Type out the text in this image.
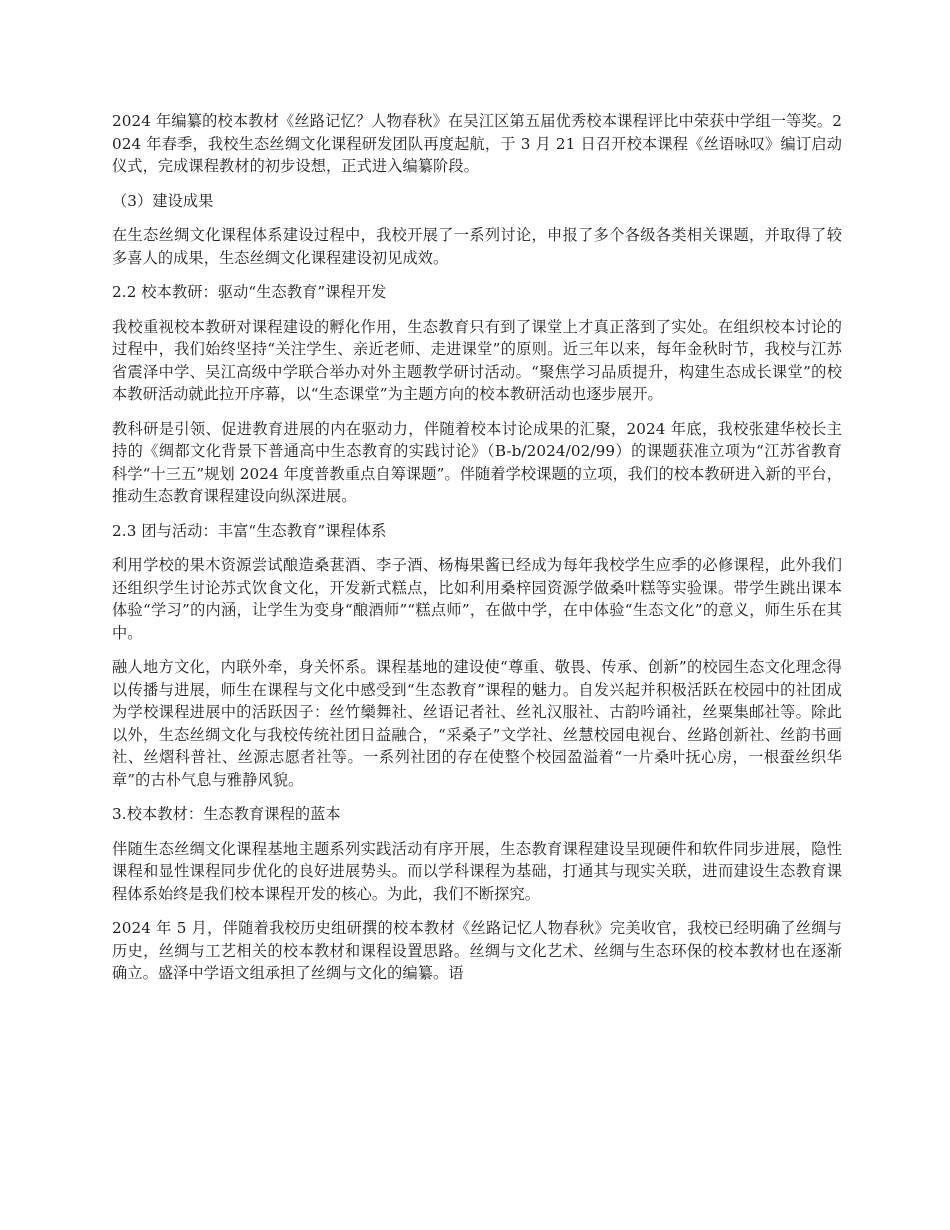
2024 年编纂的校本教材《丝路记忆？人物春秋》在吴江区第五届优秀校本课程评比中荣获中学组一等奖。2024 年春季，我校生态丝绸文化课程研发团队再度起航，于 3 月 21 日召开校本课程《丝语咏叹》编订启动仪式，完成课程教材的初步设想，正式进入编纂阶段。

（3）建设成果

在生态丝绸文化课程体系建设过程中，我校开展了一系列讨论，申报了多个各级各类相关课题，并取得了较多喜人的成果，生态丝绸文化课程建设初见成效。

2.2 校本教研：驱动“生态教育”课程开发

我校重视校本教研对课程建设的孵化作用，生态教育只有到了课堂上才真正落到了实处。在组织校本讨论的过程中，我们始终坚持“关注学生、亲近老师、走进课堂”的原则。近三年以来，每年金秋时节，我校与江苏省震泽中学、吴江高级中学联合举办对外主题教学研讨活动。“聚焦学习品质提升，构建生态成长课堂”的校本教研活动就此拉开序幕，以“生态课堂”为主题方向的校本教研活动也逐步展开。

教科研是引领、促进教育进展的内在驱动力，伴随着校本讨论成果的汇聚，2024 年底，我校张建华校长主持的《绸都文化背景下普通高中生态教育的实践讨论》（B-b/2024/02/99）的课题获准立项为“江苏省教育科学“十三五”规划 2024 年度普教重点自筹课题”。伴随着学校课题的立项，我们的校本教研进入新的平台，推动生态教育课程建设向纵深进展。

2.3 团与活动：丰富“生态教育”课程体系

利用学校的果木资源尝试酿造桑葚酒、李子酒、杨梅果酱已经成为每年我校学生应季的必修课程，此外我们还组织学生讨论苏式饮食文化，开发新式糕点，比如利用桑梓园资源学做桑叶糕等实验课。带学生跳出课本体验“学习”的内涵，让学生为变身“酿酒师”“糕点师”，在做中学，在中体验“生态文化”的意义，师生乐在其中。

融人地方文化，内联外牵，身关怀系。课程基地的建设使“尊重、敬畏、传承、创新”的校园生态文化理念得以传播与进展，师生在课程与文化中感受到“生态教育”课程的魅力。自发兴起并积极活跃在校园中的社团成为学校课程进展中的活跃因子：丝竹欒舞社、丝语记者社、丝礼汉服社、古韵吟诵社，丝粟集邮社等。除此以外，生态丝绸文化与我校传统社团日益融合，“采桑子”文学社、丝慧校园电视台、丝路创新社、丝韵书画社、丝熠科普社、丝源志愿者社等。一系列社团的存在使整个校园盈溢着“一片桑叶抚心房，一根蚕丝织华章”的古朴气息与雅静风貌。

3.校本教材：生态教育课程的蓝本

伴随生态丝绸文化课程基地主题系列实践活动有序开展，生态教育课程建设呈现硬件和软件同步进展，隐性课程和显性课程同步优化的良好进展势头。而以学科课程为基础，打通其与现实关联，进而建设生态教育课程体系始终是我们校本课程开发的核心。为此，我们不断探究。

2024 年 5 月，伴随着我校历史组研撰的校本教材《丝路记忆人物春秋》完美收官，我校已经明确了丝绸与历史，丝绸与工艺相关的校本教材和课程设置思路。丝绸与文化艺术、丝绸与生态环保的校本教材也在逐渐确立。盛泽中学语文组承担了丝绸与文化的编纂。语
